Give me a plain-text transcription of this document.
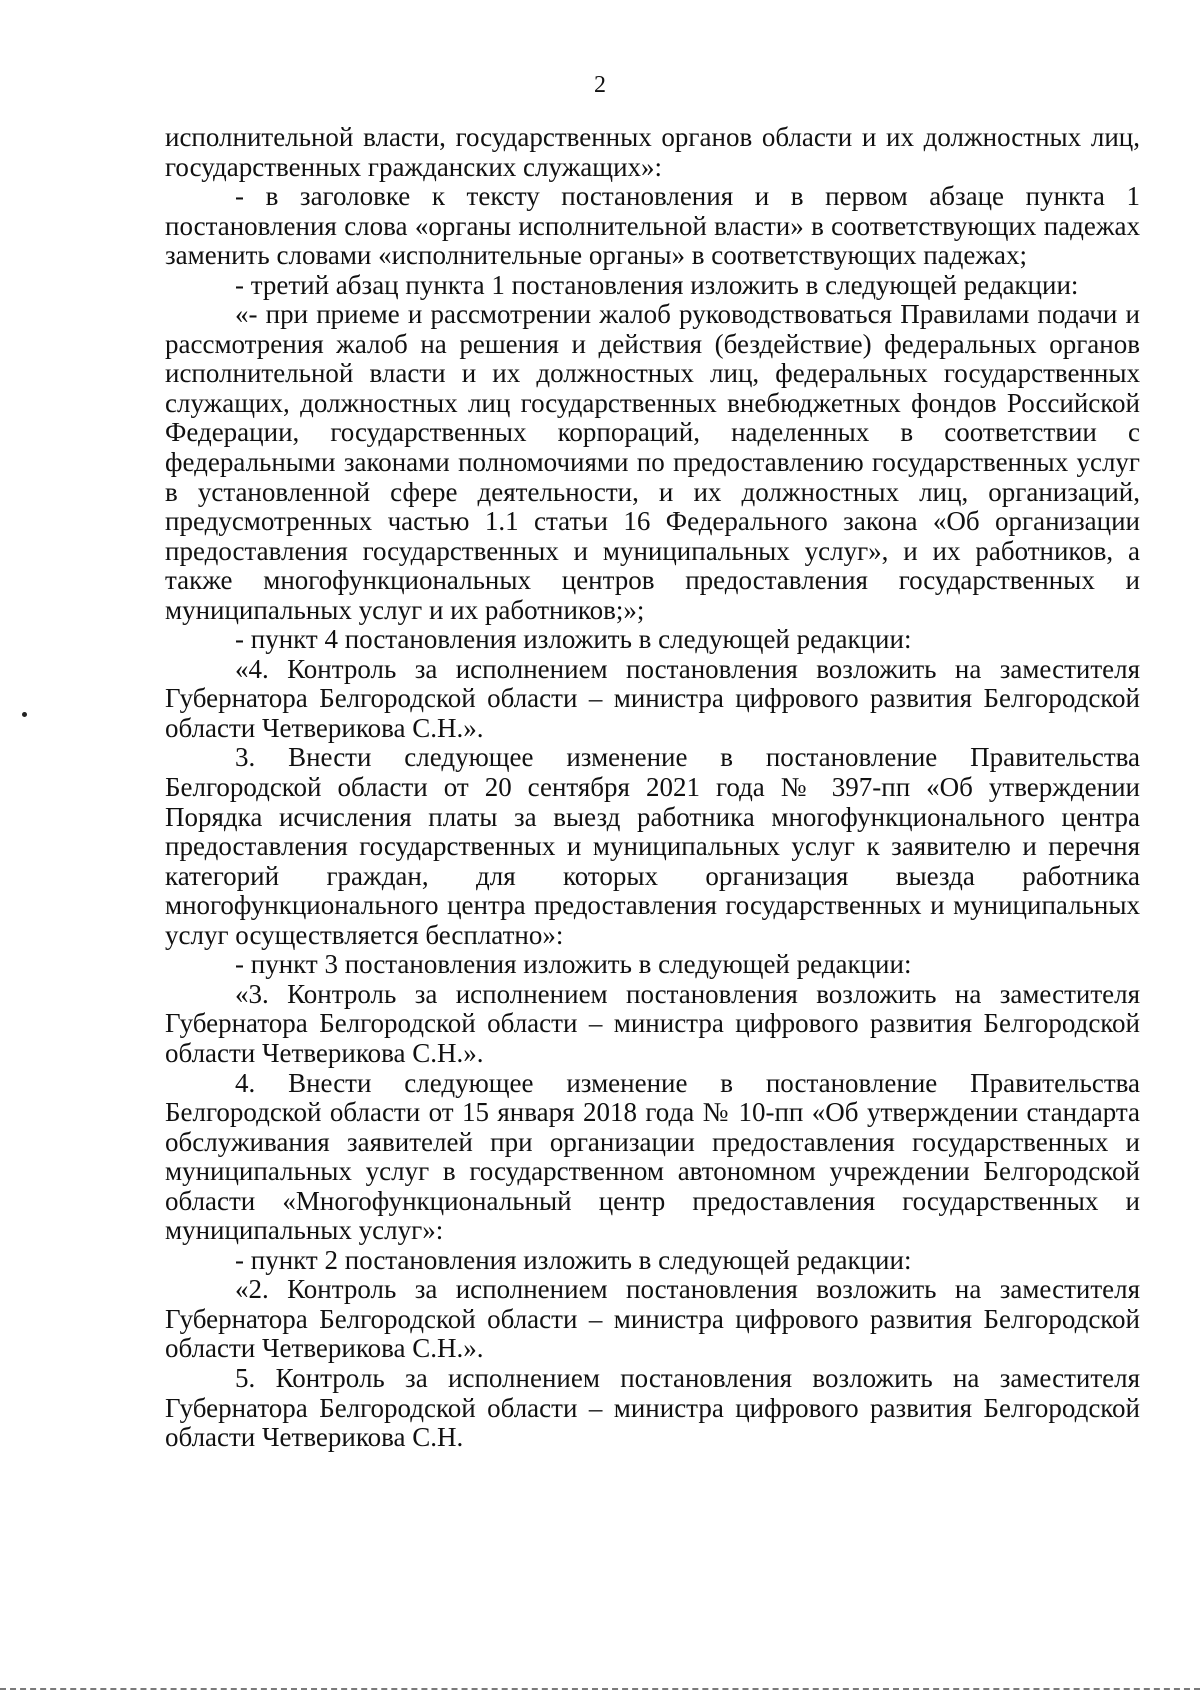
2

исполнительной власти, государственных органов области и их должностных лиц, государственных гражданских служащих»:

- в заголовке к тексту постановления и в первом абзаце пункта 1 постановления слова «органы исполнительной власти» в соответствующих падежах заменить словами «исполнительные органы» в соответствующих падежах;

- третий абзац пункта 1 постановления изложить в следующей редакции:

«- при приеме и рассмотрении жалоб руководствоваться Правилами подачи и рассмотрения жалоб на решения и действия (бездействие) федеральных органов исполнительной власти и их должностных лиц, федеральных государственных служащих, должностных лиц государственных внебюджетных фондов Российской Федерации, государственных корпораций, наделенных в соответствии с федеральными законами полномочиями по предоставлению государственных услуг в установленной сфере деятельности, и их должностных лиц, организаций, предусмотренных частью 1.1 статьи 16 Федерального закона «Об организации предоставления государственных и муниципальных услуг», и их работников, а также многофункциональных центров предоставления государственных и муниципальных услуг и их работников;»;

- пункт 4 постановления изложить в следующей редакции:

«4. Контроль за исполнением постановления возложить на заместителя Губернатора Белгородской области – министра цифрового развития Белгородской области Четверикова С.Н.».

3. Внести следующее изменение в постановление Правительства Белгородской области от 20 сентября 2021 года № 397-пп «Об утверждении Порядка исчисления платы за выезд работника многофункционального центра предоставления государственных и муниципальных услуг к заявителю и перечня категорий граждан, для которых организация выезда работника многофункционального центра предоставления государственных и муниципальных услуг осуществляется бесплатно»:

- пункт 3 постановления изложить в следующей редакции:

«3. Контроль за исполнением постановления возложить на заместителя Губернатора Белгородской области – министра цифрового развития Белгородской области Четверикова С.Н.».

4. Внести следующее изменение в постановление Правительства Белгородской области от 15 января 2018 года № 10-пп «Об утверждении стандарта обслуживания заявителей при организации предоставления государственных и муниципальных услуг в государственном автономном учреждении Белгородской области «Многофункциональный центр предоставления государственных и муниципальных услуг»:

- пункт 2 постановления изложить в следующей редакции:

«2. Контроль за исполнением постановления возложить на заместителя Губернатора Белгородской области – министра цифрового развития Белгородской области Четверикова С.Н.».

5. Контроль за исполнением постановления возложить на заместителя Губернатора Белгородской области – министра цифрового развития Белгородской области Четверикова С.Н.
